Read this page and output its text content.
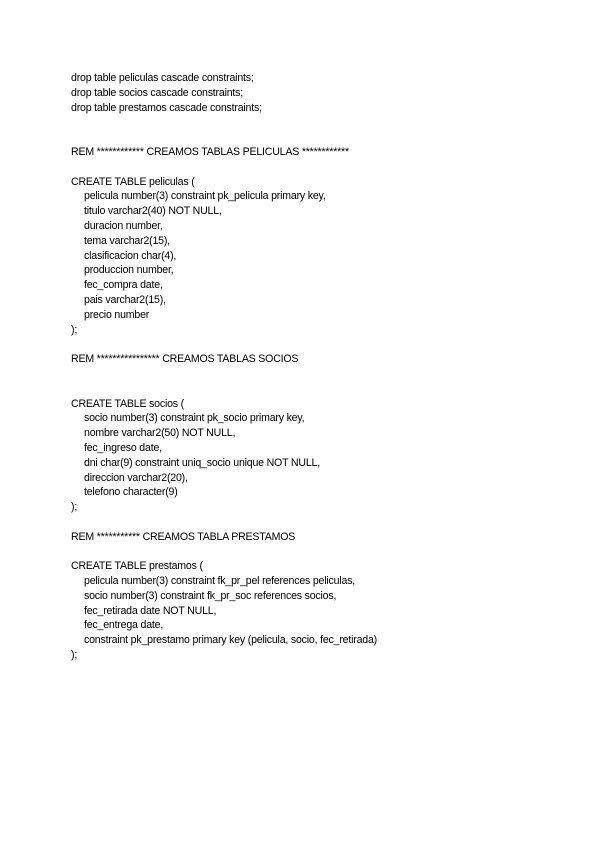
drop table peliculas cascade constraints;
drop table socios cascade constraints;
drop table prestamos cascade constraints;
REM ************ CREAMOS TABLAS PELICULAS ************
CREATE TABLE peliculas (
pelicula number(3) constraint pk_pelicula primary key,
titulo varchar2(40) NOT NULL,
duracion number,
tema varchar2(15),
clasificacion char(4),
produccion number,
fec_compra date,
pais varchar2(15),
precio number
);
REM **************** CREAMOS TABLAS SOCIOS
CREATE TABLE socios (
socio number(3) constraint pk_socio primary key,
nombre varchar2(50) NOT NULL,
fec_ingreso date,
dni char(9) constraint uniq_socio unique NOT NULL,
direccion varchar2(20),
telefono character(9)
);
REM *********** CREAMOS TABLA PRESTAMOS
CREATE TABLE prestamos (
pelicula number(3) constraint fk_pr_pel references peliculas,
socio number(3) constraint fk_pr_soc references socios,
fec_retirada date NOT NULL,
fec_entrega date,
constraint pk_prestamo primary key (pelicula, socio, fec_retirada)
);
